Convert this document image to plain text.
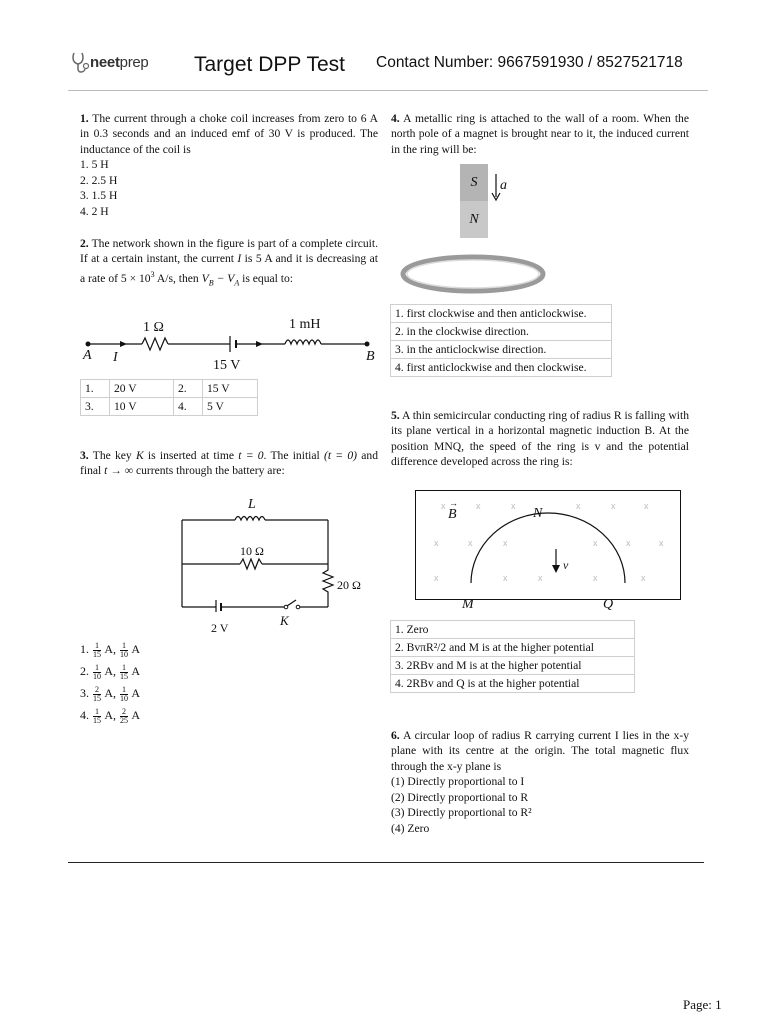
neetprep Target DPP Test Contact Number: 9667591930 / 8527521718
1. The current through a choke coil increases from zero to 6 A in 0.3 seconds and an induced emf of 30 V is produced. The inductance of the coil is
1. 5 H
2. 2.5 H
3. 1.5 H
4. 2 H
2. The network shown in the figure is part of a complete circuit. If at a certain instant, the current I is 5 A and it is decreasing at a rate of $5 \times 10^3$ A/s, then $V_B - V_A$ is equal to:
A I	B
1 Ω
15 V
1 mH
1.	20 V	2.	15 V
3.	10 V	4.	5 V
3. The key K is inserted at time t = 0. The initial (t = 0) and final t → ∞ currents through the battery are:
L
10 Ω
20 Ω
2 V	K
1. $\frac{1}{15} A$, $\frac{1}{10}$ A
2. $\frac{1}{10} A$, $\frac{1}{15}$ A
3. $\frac{2}{15} A$, $\frac{1}{10}$ A
4. $\frac{1}{15} A$, $\frac{2}{25}$ A
4. A metallic ring is attached to the wall of a room. When the north pole of a magnet is brought near to it, the induced current in the ring will be:
S
N
a
1. first clockwise and then anticlockwise.
2. in the clockwise direction.
3. in the anticlockwise direction.
4. first anticlockwise and then clockwise.
5. A thin semicircular conducting ring of radius R is falling with its plane vertical in a horizontal magnetic induction B. At the position MNQ, the speed of the ring is v and the potential difference developed across the ring is:
x	x	x	x	x	x
x	x	x	x	x	x
x	x	x	x	x
→
B	N
v
M	Q
1. Zero
2. BvπR²/2 and M is at the higher potential
3. 2RBv and M is at the higher potential
4. 2RBv and Q is at the higher potential
6. A circular loop of radius R carrying current I lies in the x-y plane with its centre at the origin. The total magnetic flux through the x-y plane is
(1) Directly proportional to I
(2) Directly proportional to R
(3) Directly proportional to R²
(4) Zero
Page: 1
